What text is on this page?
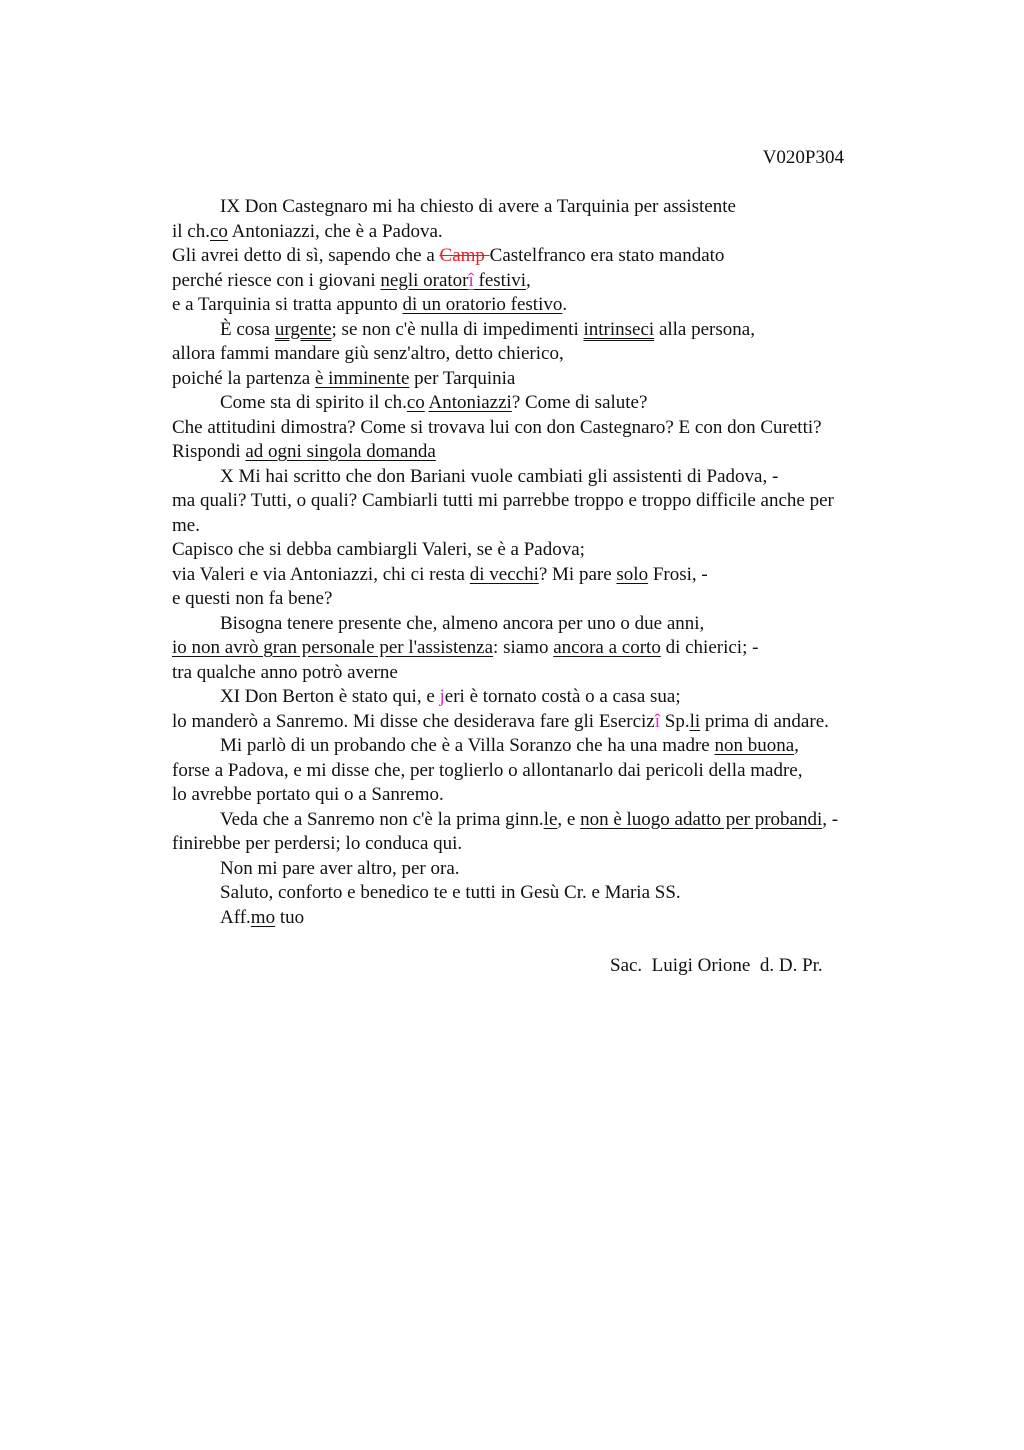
V020P304
IX Don Castegnaro mi ha chiesto di avere a Tarquinia per assistente
il ch.co Antoniazzi, che è a Padova.
Gli avrei detto di sì, sapendo che a Camp Castelfranco era stato mandato
perché riesce con i giovani negli oratorî festivi,
e a Tarquinia si tratta appunto di un oratorio festivo.
È cosa urgente; se non c'è nulla di impedimenti intrinseci alla persona,
allora fammi mandare giù senz'altro, detto chierico,
poiché la partenza è imminente per Tarquinia
Come sta di spirito il ch.co Antoniazzi? Come di salute?
Che attitudini dimostra? Come si trovava lui con don Castegnaro? E con don Curetti?
Rispondi ad ogni singola domanda
X Mi hai scritto che don Bariani vuole cambiati gli assistenti di Padova, -
ma quali? Tutti, o quali? Cambiarli tutti mi parrebbe troppo e troppo difficile anche per
me.
Capisco che si debba cambiargli Valeri, se è a Padova;
via Valeri e via Antoniazzi, chi ci resta di vecchi? Mi pare solo Frosi, -
e questi non fa bene?
Bisogna tenere presente che, almeno ancora per uno o due anni,
io non avrò gran personale per l'assistenza: siamo ancora a corto di chierici; -
tra qualche anno potrò averne
XI Don Berton è stato qui, e jeri è tornato costà o a casa sua;
lo manderò a Sanremo. Mi disse che desiderava fare gli Esercizî Sp.li prima di andare.
Mi parlò di un probando che è a Villa Soranzo che ha una madre non buona,
forse a Padova, e mi disse che, per toglierlo o allontanarlo dai pericoli della madre,
lo avrebbe portato qui o a Sanremo.
Veda che a Sanremo non c'è la prima ginn.le, e non è luogo adatto per probandi, -
finirebbe per perdersi; lo conduca qui.
Non mi pare aver altro, per ora.
Saluto, conforto e benedico te e tutti in Gesù Cr. e Maria SS.
Aff.mo tuo
Sac.  Luigi Orione  d. D. Pr.
